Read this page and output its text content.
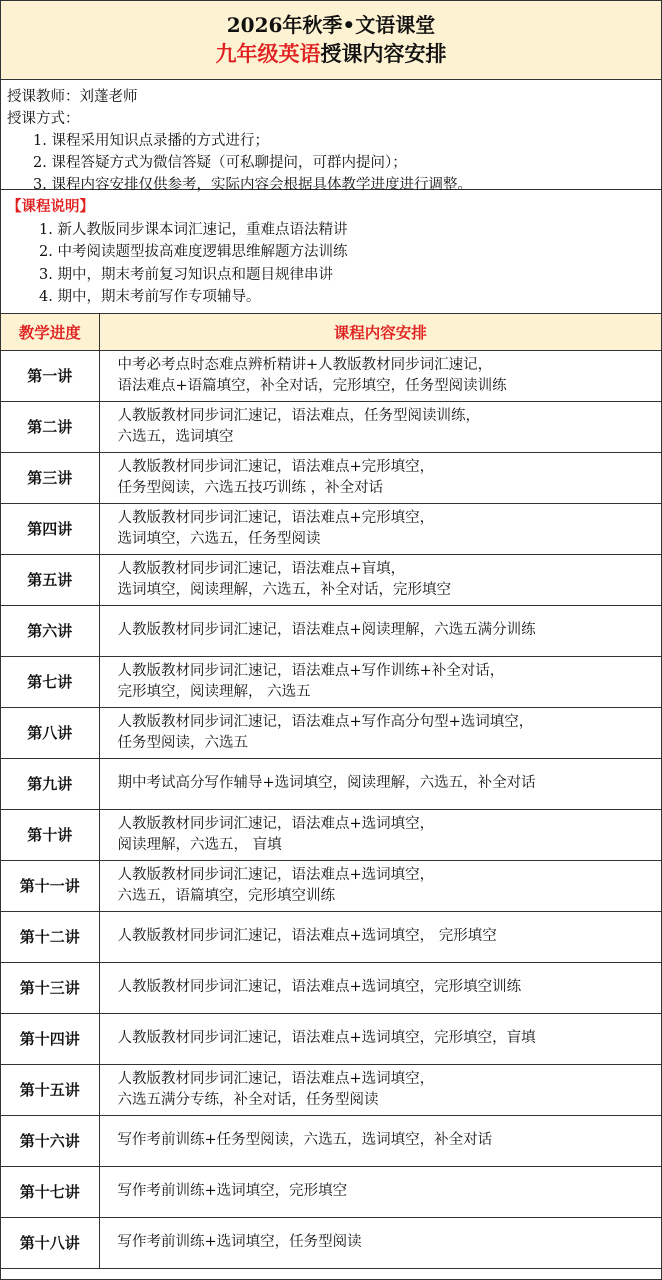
2026年秋季•文语课堂
九年级英语授课内容安排
授课教师：刘蓬老师
授课方式：
1. 课程采用知识点录播的方式进行；
2. 课程答疑方式为微信答疑（可私聊提问，可群内提问）；
3. 课程内容安排仅供参考，实际内容会根据具体教学进度进行调整。
【课程说明】
1. 新人教版同步课本词汇速记，重难点语法精讲
2. 中考阅读题型拔高难度逻辑思维解题方法训练
3. 期中，期末考前复习知识点和题目规律串讲
4. 期中，期末考前写作专项辅导。
教学进度	课程内容安排
第一讲	中考必考点时态难点辨析精讲+人教版教材同步词汇速记，
语法难点+语篇填空，补全对话，完形填空，任务型阅读训练

第二讲	人教版教材同步词汇速记，语法难点，任务型阅读训练，
六选五，选词填空

第三讲	人教版教材同步词汇速记，语法难点+完形填空，
任务型阅读，六选五技巧训练 ，补全对话

第四讲	人教版教材同步词汇速记，语法难点+完形填空，
选词填空，六选五，任务型阅读

第五讲	人教版教材同步词汇速记，语法难点+盲填，
选词填空，阅读理解，六选五，补全对话，完形填空

第六讲	人教版教材同步词汇速记，语法难点+阅读理解，六选五满分训练

第七讲	人教版教材同步词汇速记，语法难点+写作训练+补全对话，
完形填空，阅读理解， 六选五

第八讲	人教版教材同步词汇速记，语法难点+写作高分句型+选词填空，
任务型阅读，六选五

第九讲	期中考试高分写作辅导+选词填空，阅读理解，六选五，补全对话

第十讲	人教版教材同步词汇速记，语法难点+选词填空，
阅读理解，六选五， 盲填

第十一讲	人教版教材同步词汇速记，语法难点+选词填空，
六选五，语篇填空，完形填空训练

第十二讲	人教版教材同步词汇速记，语法难点+选词填空， 完形填空

第十三讲	人教版教材同步词汇速记，语法难点+选词填空，完形填空训练

第十四讲	人教版教材同步词汇速记，语法难点+选词填空，完形填空，盲填

第十五讲	人教版教材同步词汇速记，语法难点+选词填空，
六选五满分专练，补全对话，任务型阅读

第十六讲	写作考前训练+任务型阅读，六选五，选词填空，补全对话

第十七讲	写作考前训练+选词填空，完形填空

第十八讲	写作考前训练+选词填空，任务型阅读
